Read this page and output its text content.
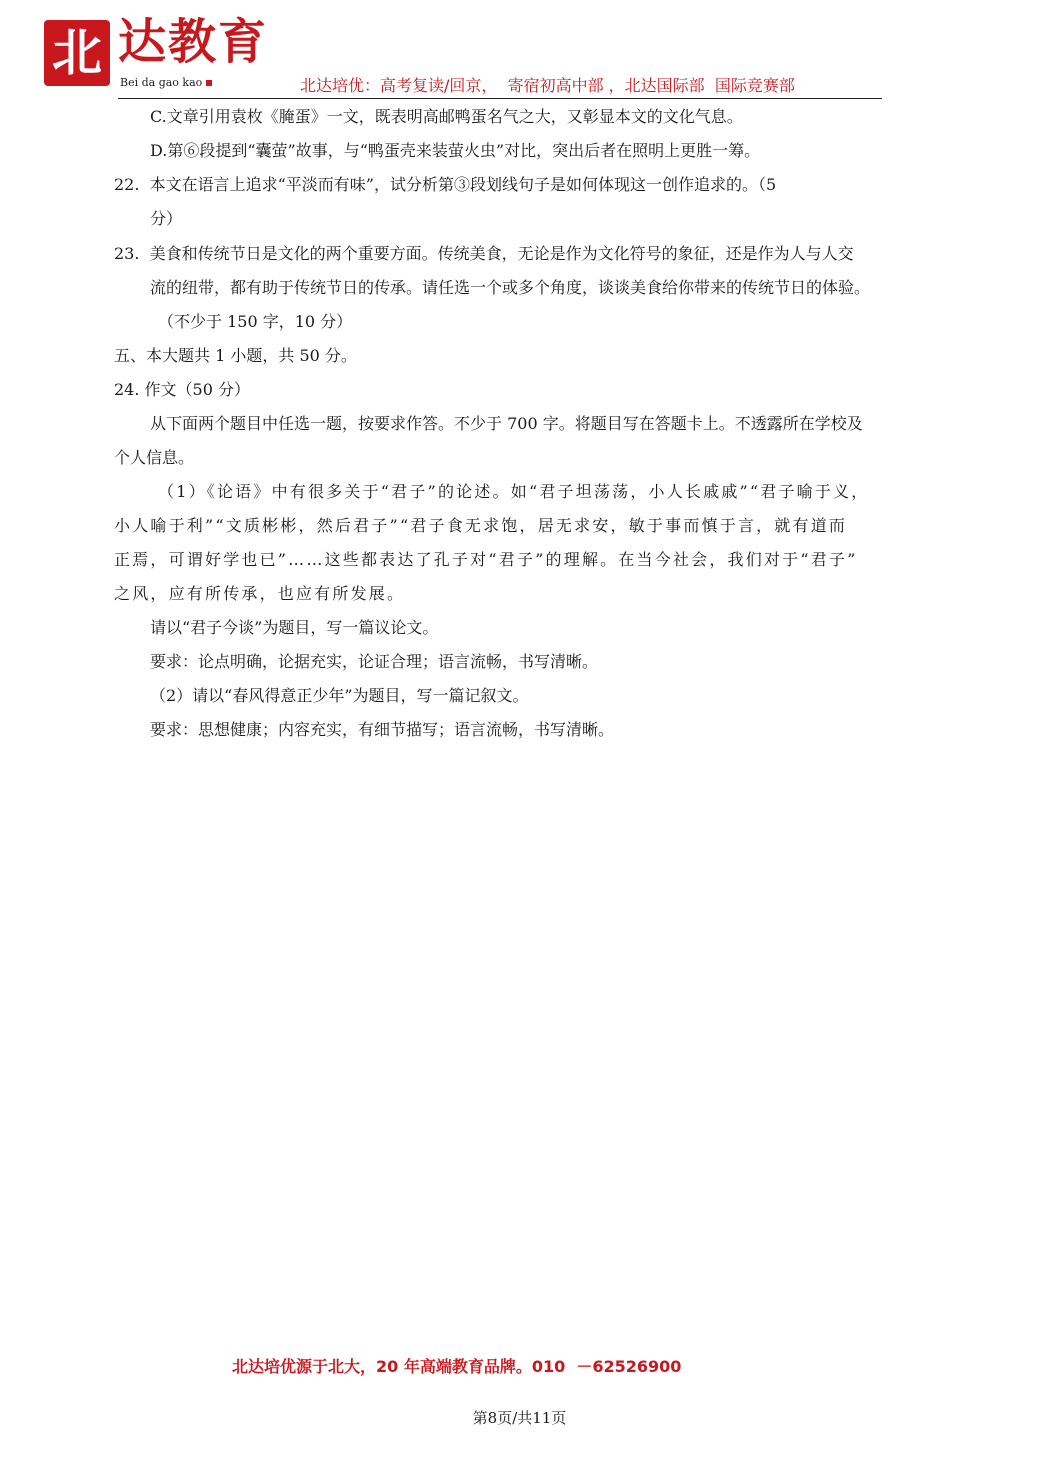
北 达教育
Bei da gao kao	北达培优：高考复读/回京，  寄宿初高中部 ，北达国际部  国际竞赛部
C.文章引用袁枚《腌蛋》一文，既表明高邮鸭蛋名气之大，又彰显本文的文化气息。
D.第⑥段提到“囊萤”故事，与“鸭蛋壳来装萤火虫”对比，突出后者在照明上更胜一筹。
22.  本文在语言上追求“平淡而有味”，试分析第③段划线句子是如何体现这一创作追求的。（5
分）
23.  美食和传统节日是文化的两个重要方面。传统美食，无论是作为文化符号的象征，还是作为人与人交
流的纽带，都有助于传统节日的传承。请任选一个或多个角度，谈谈美食给你带来的传统节日的体验。
（不少于 150 字，10 分）
五、本大题共 1 小题，共 50 分。
24. 作文（50 分）
从下面两个题目中任选一题，按要求作答。不少于 700 字。将题目写在答题卡上。不透露所在学校及
个人信息。
（1）《论语》中有很多关于“君子”的论述。如“君子坦荡荡，小人长戚戚”“君子喻于义，
小人喻于利”“文质彬彬，然后君子”“君子食无求饱，居无求安，敏于事而慎于言，就有道而
正焉，可谓好学也已”……这些都表达了孔子对“君子”的理解。在当今社会，我们对于“君子”
之风，应有所传承，也应有所发展。
请以“君子今谈”为题目，写一篇议论文。
要求：论点明确，论据充实，论证合理；语言流畅，书写清晰。
（2）请以“春风得意正少年”为题目，写一篇记叙文。
要求：思想健康；内容充实，有细节描写；语言流畅，书写清晰。
北达培优源于北大，20 年高端教育品牌。010  －62526900
第8页/共11页
